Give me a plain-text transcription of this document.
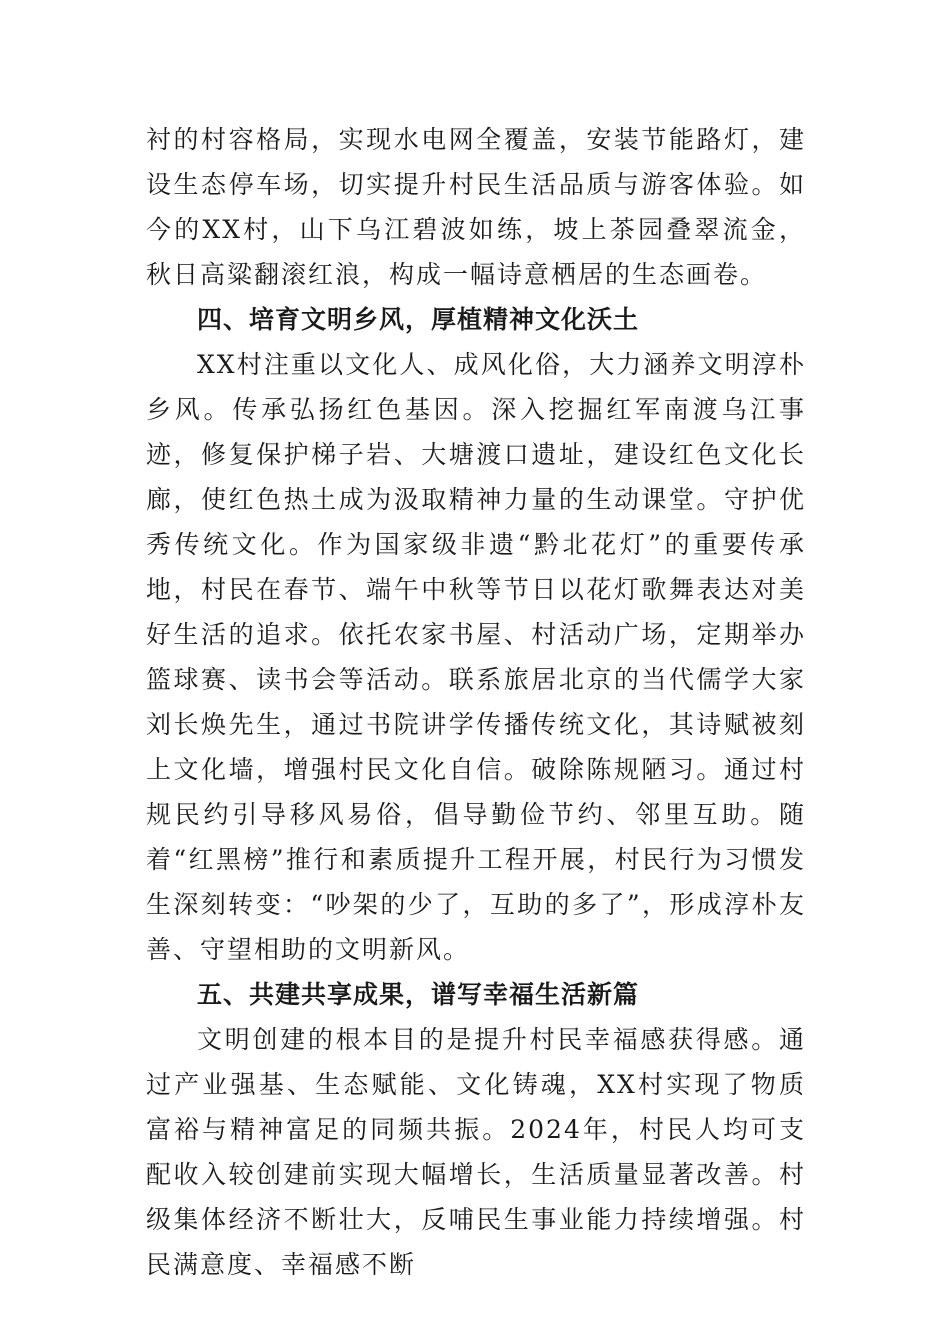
衬的村容格局，实现水电网全覆盖，安装节能路灯，建设生态停车场，切实提升村民生活品质与游客体验。如今的XX村，山下乌江碧波如练，坡上茶园叠翠流金，秋日高粱翻滚红浪，构成一幅诗意栖居的生态画卷。

四、培育文明乡风，厚植精神文化沃土

XX村注重以文化人、成风化俗，大力涵养文明淳朴乡风。传承弘扬红色基因。深入挖掘红军南渡乌江事迹，修复保护梯子岩、大塘渡口遗址，建设红色文化长廊，使红色热土成为汲取精神力量的生动课堂。守护优秀传统文化。作为国家级非遗“黔北花灯”的重要传承地，村民在春节、端午中秋等节日以花灯歌舞表达对美好生活的追求。依托农家书屋、村活动广场，定期举办篮球赛、读书会等活动。联系旅居北京的当代儒学大家刘长焕先生，通过书院讲学传播传统文化，其诗赋被刻上文化墙，增强村民文化自信。破除陈规陋习。通过村规民约引导移风易俗，倡导勤俭节约、邻里互助。随着“红黑榜”推行和素质提升工程开展，村民行为习惯发生深刻转变：“吵架的少了，互助的多了”，形成淳朴友善、守望相助的文明新风。

五、共建共享成果，谱写幸福生活新篇

文明创建的根本目的是提升村民幸福感获得感。通过产业强基、生态赋能、文化铸魂，XX村实现了物质富裕与精神富足的同频共振。2024年，村民人均可支配收入较创建前实现大幅增长，生活质量显著改善。村级集体经济不断壮大，反哺民生事业能力持续增强。村民满意度、幸福感不断
